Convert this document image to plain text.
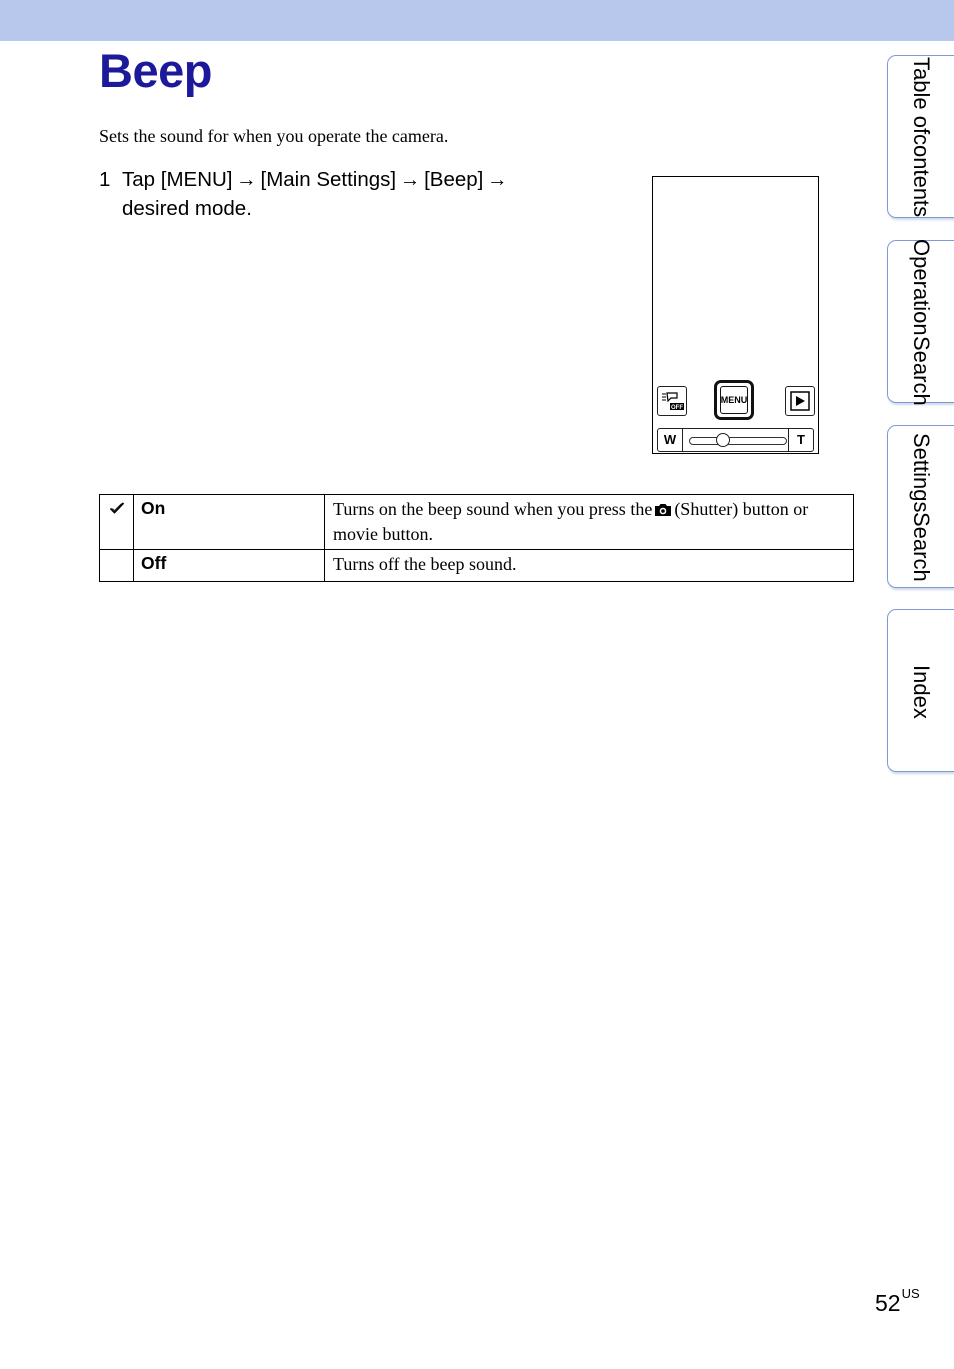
Beep
Sets the sound for when you operate the camera.
1 Tap [MENU] → [Main Settings] → [Beep] →
desired mode.
OFF
MENU
W	T
	On	Turns on the beep sound when you press the (Shutter) button or movie button.
	Off	Turns off the beep sound.
Table of
contents
Operation
Search
Settings
Search
Index
$52^{US}$
